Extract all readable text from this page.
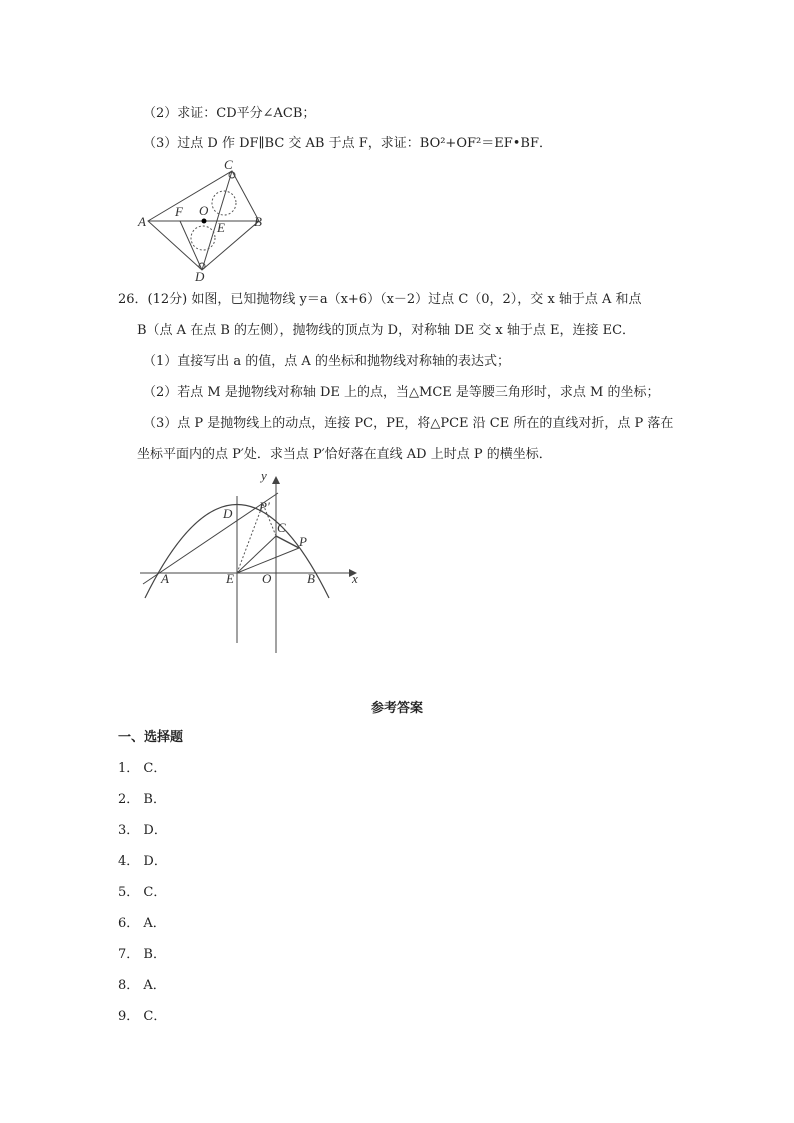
（2）求证：CD平分∠ACB；
（3）过点 D 作 DF∥BC 交 AB 于点 F，求证：BO²+OF²＝EF•BF．
C
A
F O
E B
D
26．(12分) 如图，已知抛物线 y＝a（x+6）（x－2）过点 C（0，2），交 x 轴于点 A 和点
B（点 A 在点 B 的左侧），抛物线的顶点为 D，对称轴 DE 交 x 轴于点 E，连接 EC．
（1）直接写出 a 的值，点 A 的坐标和抛物线对称轴的表达式；
（2）若点 M 是抛物线对称轴 DE 上的点，当△MCE 是等腰三角形时，求点 M 的坐标；
（3）点 P 是抛物线上的动点，连接 PC，PE，将△PCE 沿 CE 所在的直线对折，点 P 落在
坐标平面内的点 P′处．求当点 P′恰好落在直线 AD 上时点 P 的横坐标．
y
x
D P′
C
P
A	E O	B
参考答案
一、选择题
1． C．
2． B．
3． D．
4． D．
5． C．
6． A．
7． B．
8． A．
9． C．
